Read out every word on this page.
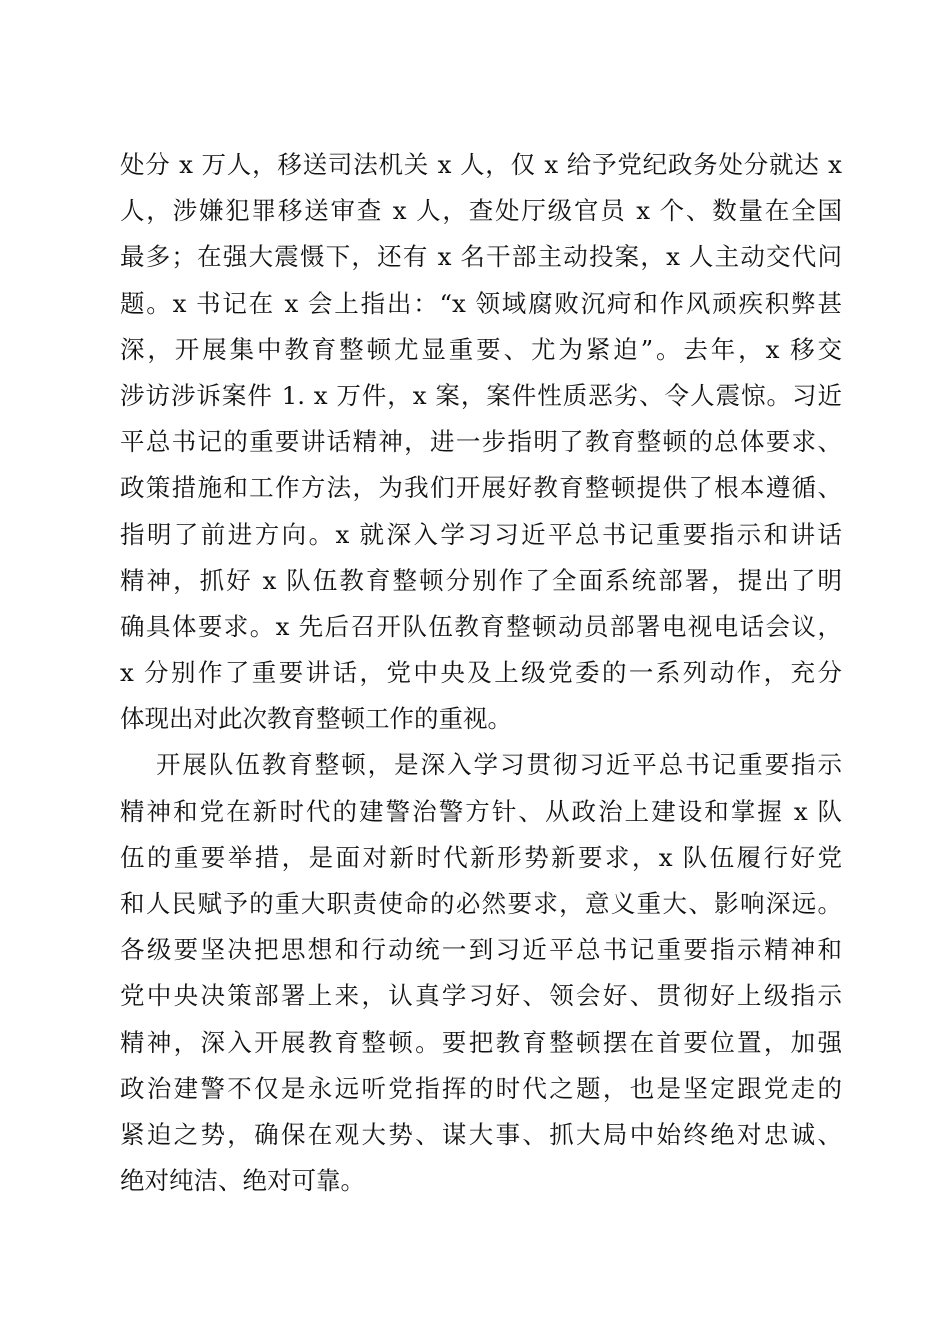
处分 x 万人，移送司法机关 x 人，仅 x 给予党纪政务处分就达 x
人，涉嫌犯罪移送审查 x 人，查处厅级官员 x 个、数量在全国
最多；在强大震慑下，还有 x 名干部主动投案，x 人主动交代问
题。x 书记在 x 会上指出：“x 领域腐败沉疴和作风顽疾积弊甚
深，开展集中教育整顿尤显重要、尤为紧迫”。去年，x 移交
涉访涉诉案件 1. x 万件，x 案，案件性质恶劣、令人震惊。习近
平总书记的重要讲话精神，进一步指明了教育整顿的总体要求、
政策措施和工作方法，为我们开展好教育整顿提供了根本遵循、
指明了前进方向。x 就深入学习习近平总书记重要指示和讲话
精神，抓好 x 队伍教育整顿分别作了全面系统部署，提出了明
确具体要求。x 先后召开队伍教育整顿动员部署电视电话会议，
x 分别作了重要讲话，党中央及上级党委的一系列动作，充分
体现出对此次教育整顿工作的重视。
开展队伍教育整顿，是深入学习贯彻习近平总书记重要指示
精神和党在新时代的建警治警方针、从政治上建设和掌握 x 队
伍的重要举措，是面对新时代新形势新要求，x 队伍履行好党
和人民赋予的重大职责使命的必然要求，意义重大、影响深远。
各级要坚决把思想和行动统一到习近平总书记重要指示精神和
党中央决策部署上来，认真学习好、领会好、贯彻好上级指示
精神，深入开展教育整顿。要把教育整顿摆在首要位置，加强
政治建警不仅是永远听党指挥的时代之题，也是坚定跟党走的
紧迫之势，确保在观大势、谋大事、抓大局中始终绝对忠诚、
绝对纯洁、绝对可靠。
